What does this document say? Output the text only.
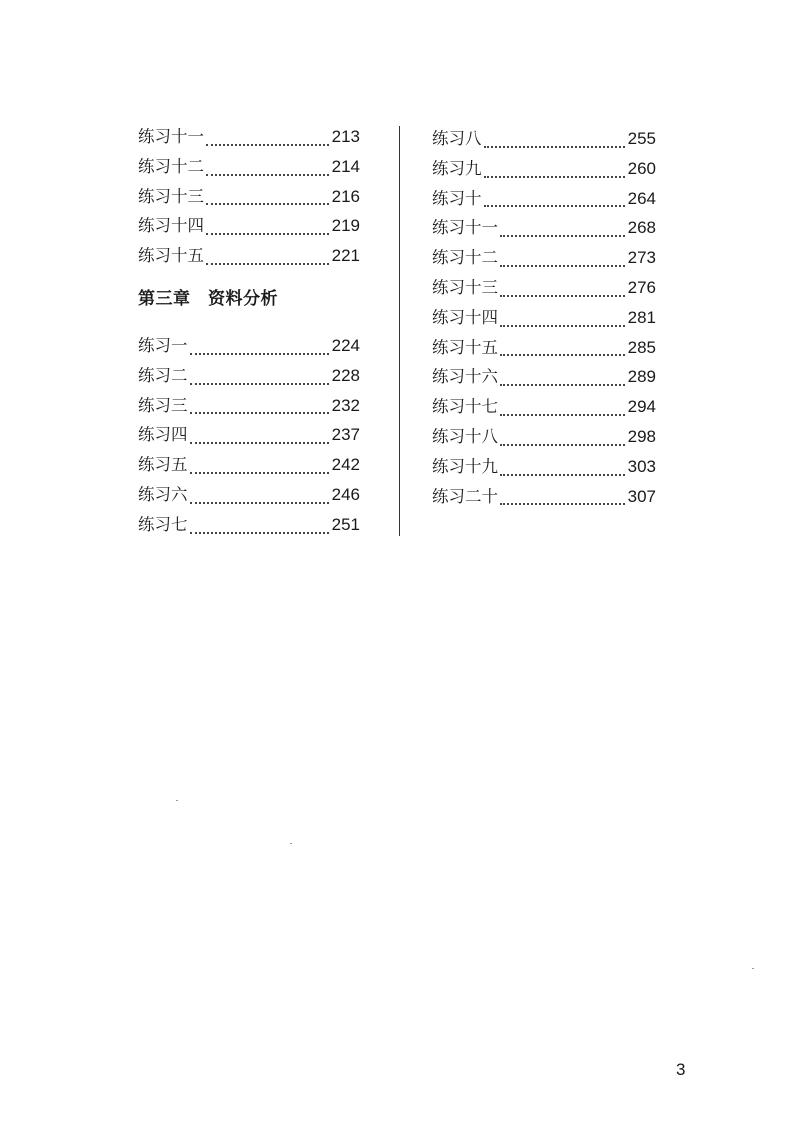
练习十一	213
练习十二	214
练习十三	216
练习十四	219
练习十五	221
第三章　资料分析
练习一	224
练习二	228
练习三	232
练习四	237
练习五	242
练习六	246
练习七	251
练习八	255
练习九	260
练习十	264
练习十一	268
练习十二	273
练习十三	276
练习十四	281
练习十五	285
练习十六	289
练习十七	294
练习十八	298
练习十九	303
练习二十	307
3
